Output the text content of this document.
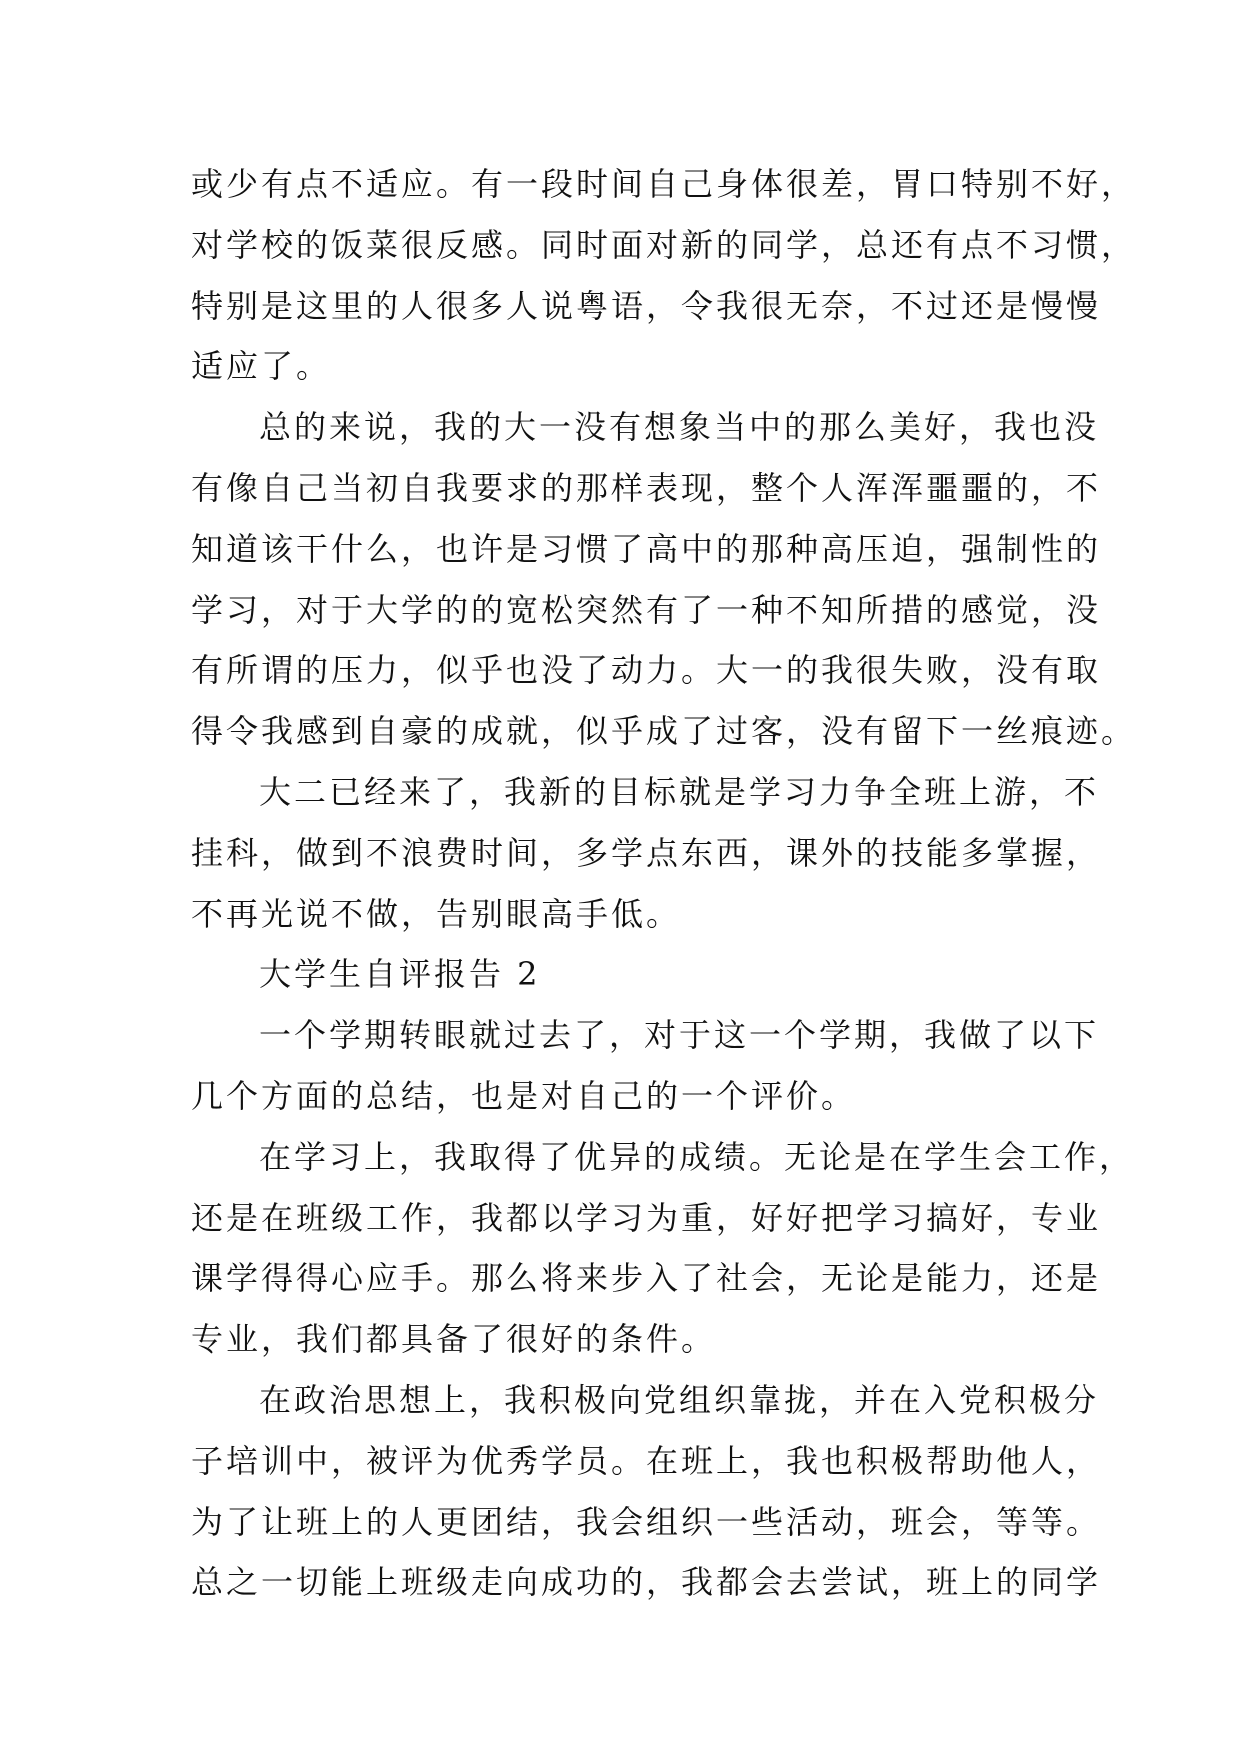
或少有点不适应。有一段时间自己身体很差，胃口特别不好，
对学校的饭菜很反感。同时面对新的同学，总还有点不习惯，
特别是这里的人很多人说粤语，令我很无奈，不过还是慢慢
适应了。
总的来说，我的大一没有想象当中的那么美好，我也没
有像自己当初自我要求的那样表现，整个人浑浑噩噩的，不
知道该干什么，也许是习惯了高中的那种高压迫，强制性的
学习，对于大学的的宽松突然有了一种不知所措的感觉，没
有所谓的压力，似乎也没了动力。大一的我很失败，没有取
得令我感到自豪的成就，似乎成了过客，没有留下一丝痕迹。
大二已经来了，我新的目标就是学习力争全班上游，不
挂科，做到不浪费时间，多学点东西，课外的技能多掌握，
不再光说不做，告别眼高手低。
大学生自评报告 2
一个学期转眼就过去了，对于这一个学期，我做了以下
几个方面的总结，也是对自己的一个评价。
在学习上，我取得了优异的成绩。无论是在学生会工作，
还是在班级工作，我都以学习为重，好好把学习搞好，专业
课学得得心应手。那么将来步入了社会，无论是能力，还是
专业，我们都具备了很好的条件。
在政治思想上，我积极向党组织靠拢，并在入党积极分
子培训中，被评为优秀学员。在班上，我也积极帮助他人，
为了让班上的人更团结，我会组织一些活动，班会，等等。
总之一切能上班级走向成功的，我都会去尝试，班上的同学
